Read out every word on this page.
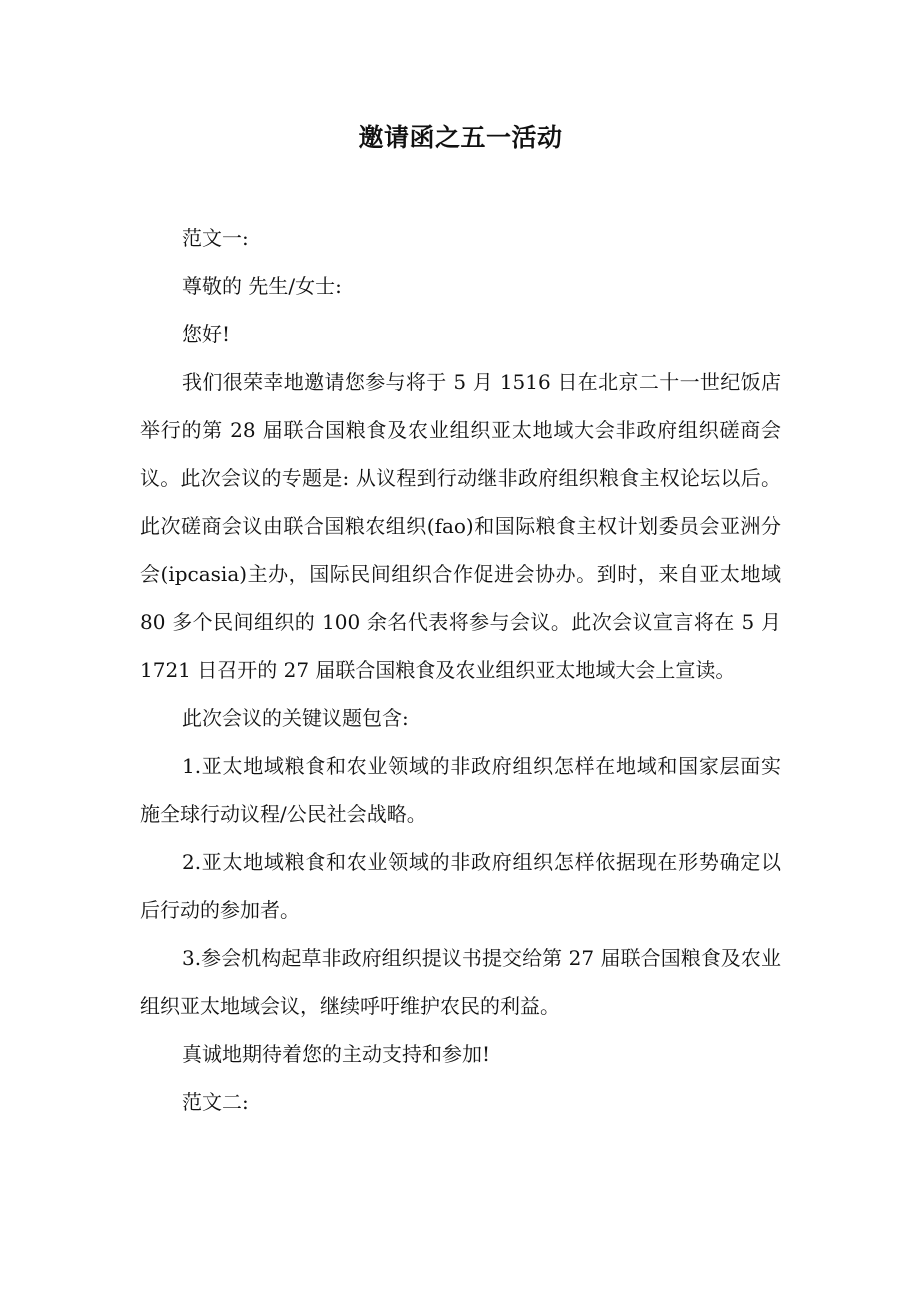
邀请函之五一活动

范文一:

尊敬的 先生/女士:

您好!

我们很荣幸地邀请您参与将于 5 月 1516 日在北京二十一世纪饭店举行的第 28 届联合国粮食及农业组织亚太地域大会非政府组织磋商会议。此次会议的专题是: 从议程到行动继非政府组织粮食主权论坛以后。此次磋商会议由联合国粮农组织(fao)和国际粮食主权计划委员会亚洲分会(ipcasia)主办，国际民间组织合作促进会协办。到时，来自亚太地域 80 多个民间组织的 100 余名代表将参与会议。此次会议宣言将在 5 月 1721 日召开的 27 届联合国粮食及农业组织亚太地域大会上宣读。

此次会议的关键议题包含:

1.亚太地域粮食和农业领域的非政府组织怎样在地域和国家层面实施全球行动议程/公民社会战略。

2.亚太地域粮食和农业领域的非政府组织怎样依据现在形势确定以后行动的参加者。

3.参会机构起草非政府组织提议书提交给第 27 届联合国粮食及农业组织亚太地域会议，继续呼吁维护农民的利益。

真诚地期待着您的主动支持和参加!

范文二:
